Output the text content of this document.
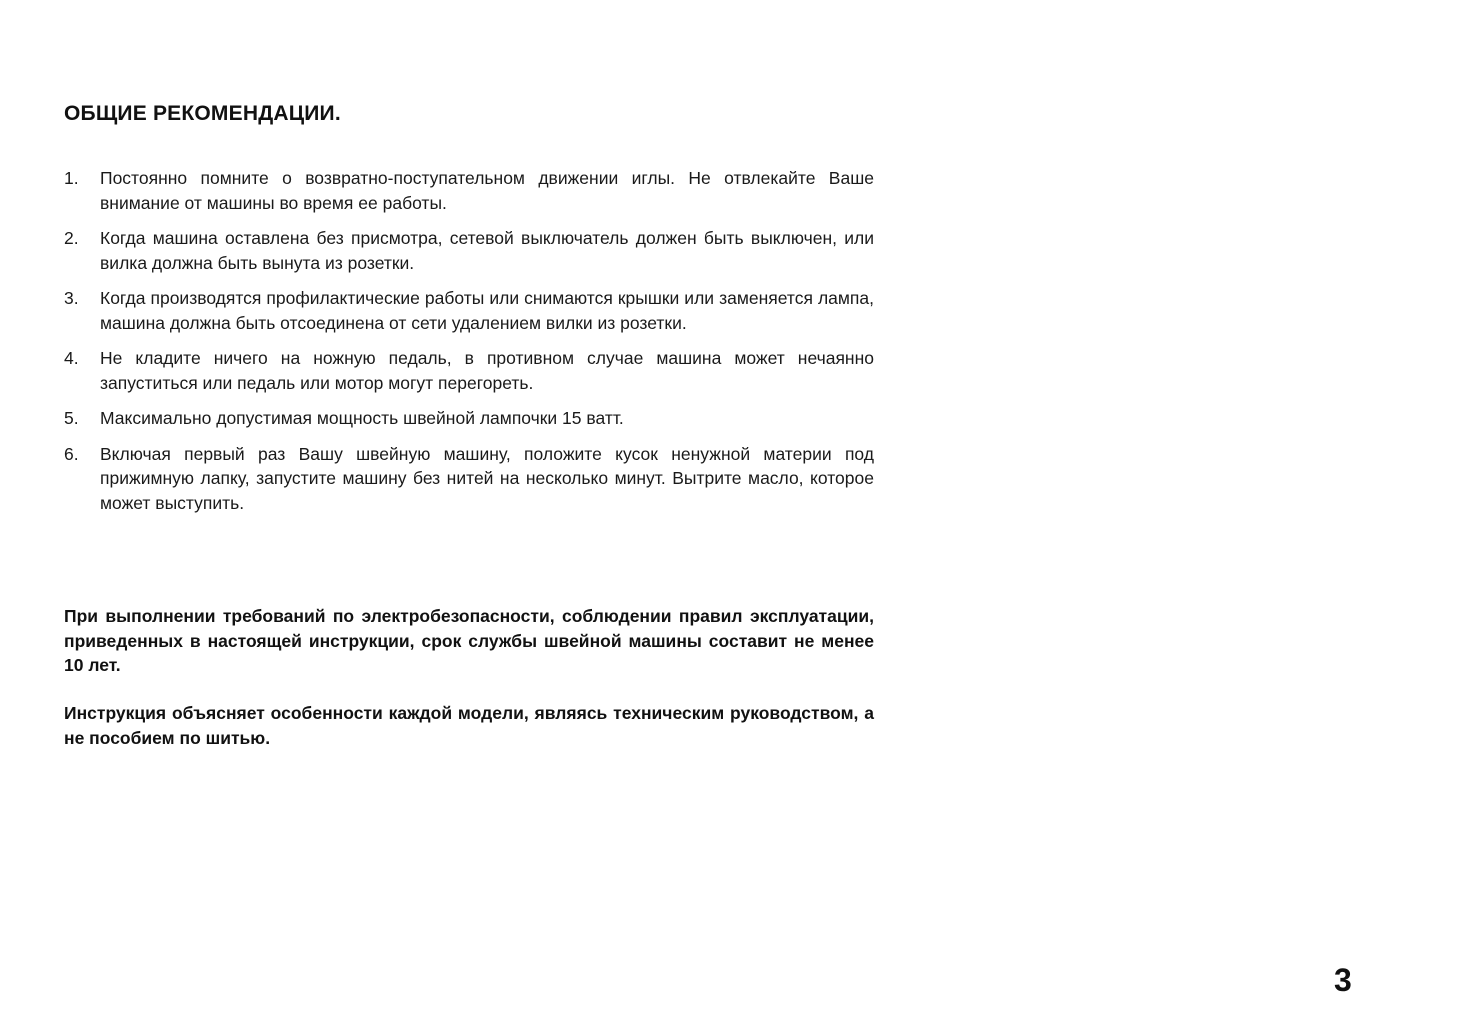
ОБЩИЕ РЕКОМЕНДАЦИИ.
1.	Постоянно помните о возвратно-поступательном движении иглы. Не отвлекайте Ваше внимание от машины во время ее работы.
2.	Когда машина оставлена без присмотра, сетевой выключатель должен быть выключен, или вилка должна быть вынута из розетки.
3.	Когда производятся профилактические работы или снимаются крышки или заменяется лампа, машина должна быть отсоединена от сети удалением вилки из розетки.
4.	Не кладите ничего на ножную педаль, в противном случае машина может нечаянно запуститься или педаль или мотор могут перегореть.
5.	Максимально допустимая мощность швейной лампочки 15 ватт.
6.	Включая первый раз Вашу швейную машину, положите кусок ненужной материи под прижимную лапку, запустите машину без нитей на несколько минут. Вытрите масло, которое может выступить.

При выполнении требований по электробезопасности, соблюдении правил эксплуатации, приведенных в настоящей инструкции, срок службы швейной машины составит не менее 10 лет.

Инструкция объясняет особенности каждой модели, являясь техническим руководством, а не пособием по шитью.

3
